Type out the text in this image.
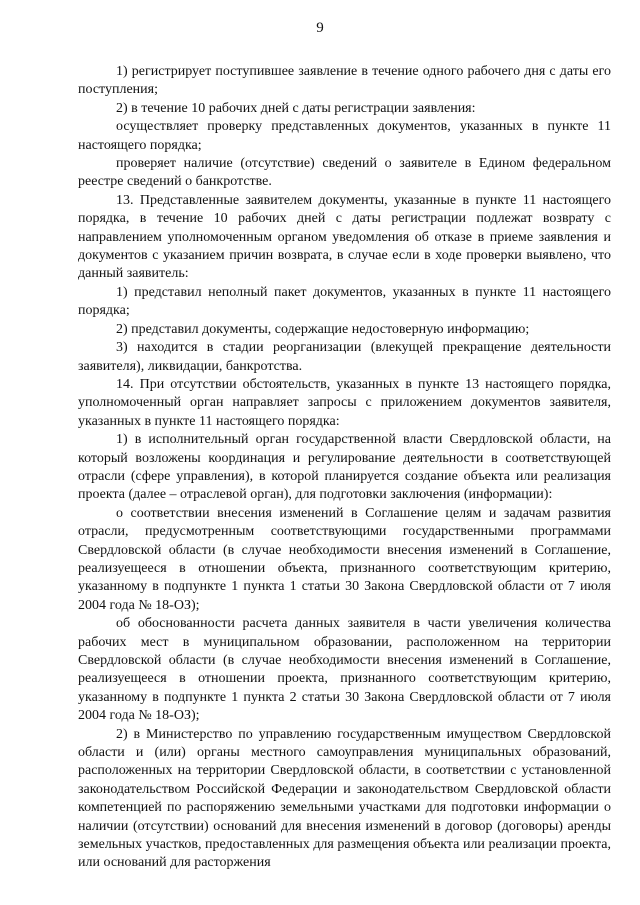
9

1) регистрирует поступившее заявление в течение одного рабочего дня с даты его поступления;

2) в течение 10 рабочих дней с даты регистрации заявления:

осуществляет проверку представленных документов, указанных в пункте 11 настоящего порядка;

проверяет наличие (отсутствие) сведений о заявителе в Едином федеральном реестре сведений о банкротстве.

13. Представленные заявителем документы, указанные в пункте 11 настоящего порядка, в течение 10 рабочих дней с даты регистрации подлежат возврату с направлением уполномоченным органом уведомления об отказе в приеме заявления и документов с указанием причин возврата, в случае если в ходе проверки выявлено, что данный заявитель:

1) представил неполный пакет документов, указанных в пункте 11 настоящего порядка;

2) представил документы, содержащие недостоверную информацию;

3) находится в стадии реорганизации (влекущей прекращение деятельности заявителя), ликвидации, банкротства.

14. При отсутствии обстоятельств, указанных в пункте 13 настоящего порядка, уполномоченный орган направляет запросы с приложением документов заявителя, указанных в пункте 11 настоящего порядка:

1) в исполнительный орган государственной власти Свердловской области, на который возложены координация и регулирование деятельности в соответствующей отрасли (сфере управления), в которой планируется создание объекта или реализация проекта (далее – отраслевой орган), для подготовки заключения (информации):

о соответствии внесения изменений в Соглашение целям и задачам развития отрасли, предусмотренным соответствующими государственными программами Свердловской области (в случае необходимости внесения изменений в Соглашение, реализуещееся в отношении объекта, признанного соответствующим критерию, указанному в подпункте 1 пункта 1 статьи 30 Закона Свердловской области от 7 июля 2004 года № 18-ОЗ);

об обоснованности расчета данных заявителя в части увеличения количества рабочих мест в муниципальном образовании, расположенном на территории Свердловской области (в случае необходимости внесения изменений в Соглашение, реализуещееся в отношении проекта, признанного соответствующим критерию, указанному в подпункте 1 пункта 2 статьи 30 Закона Свердловской области от 7 июля 2004 года № 18-ОЗ);

2) в Министерство по управлению государственным имуществом Свердловской области и (или) органы местного самоуправления муниципальных образований, расположенных на территории Свердловской области, в соответствии с установленной законодательством Российской Федерации и законодательством Свердловской области компетенцией по распоряжению земельными участками для подготовки информации о наличии (отсутствии) оснований для внесения изменений в договор (договоры) аренды земельных участков, предоставленных для размещения объекта или реализации проекта, или оснований для расторжения
